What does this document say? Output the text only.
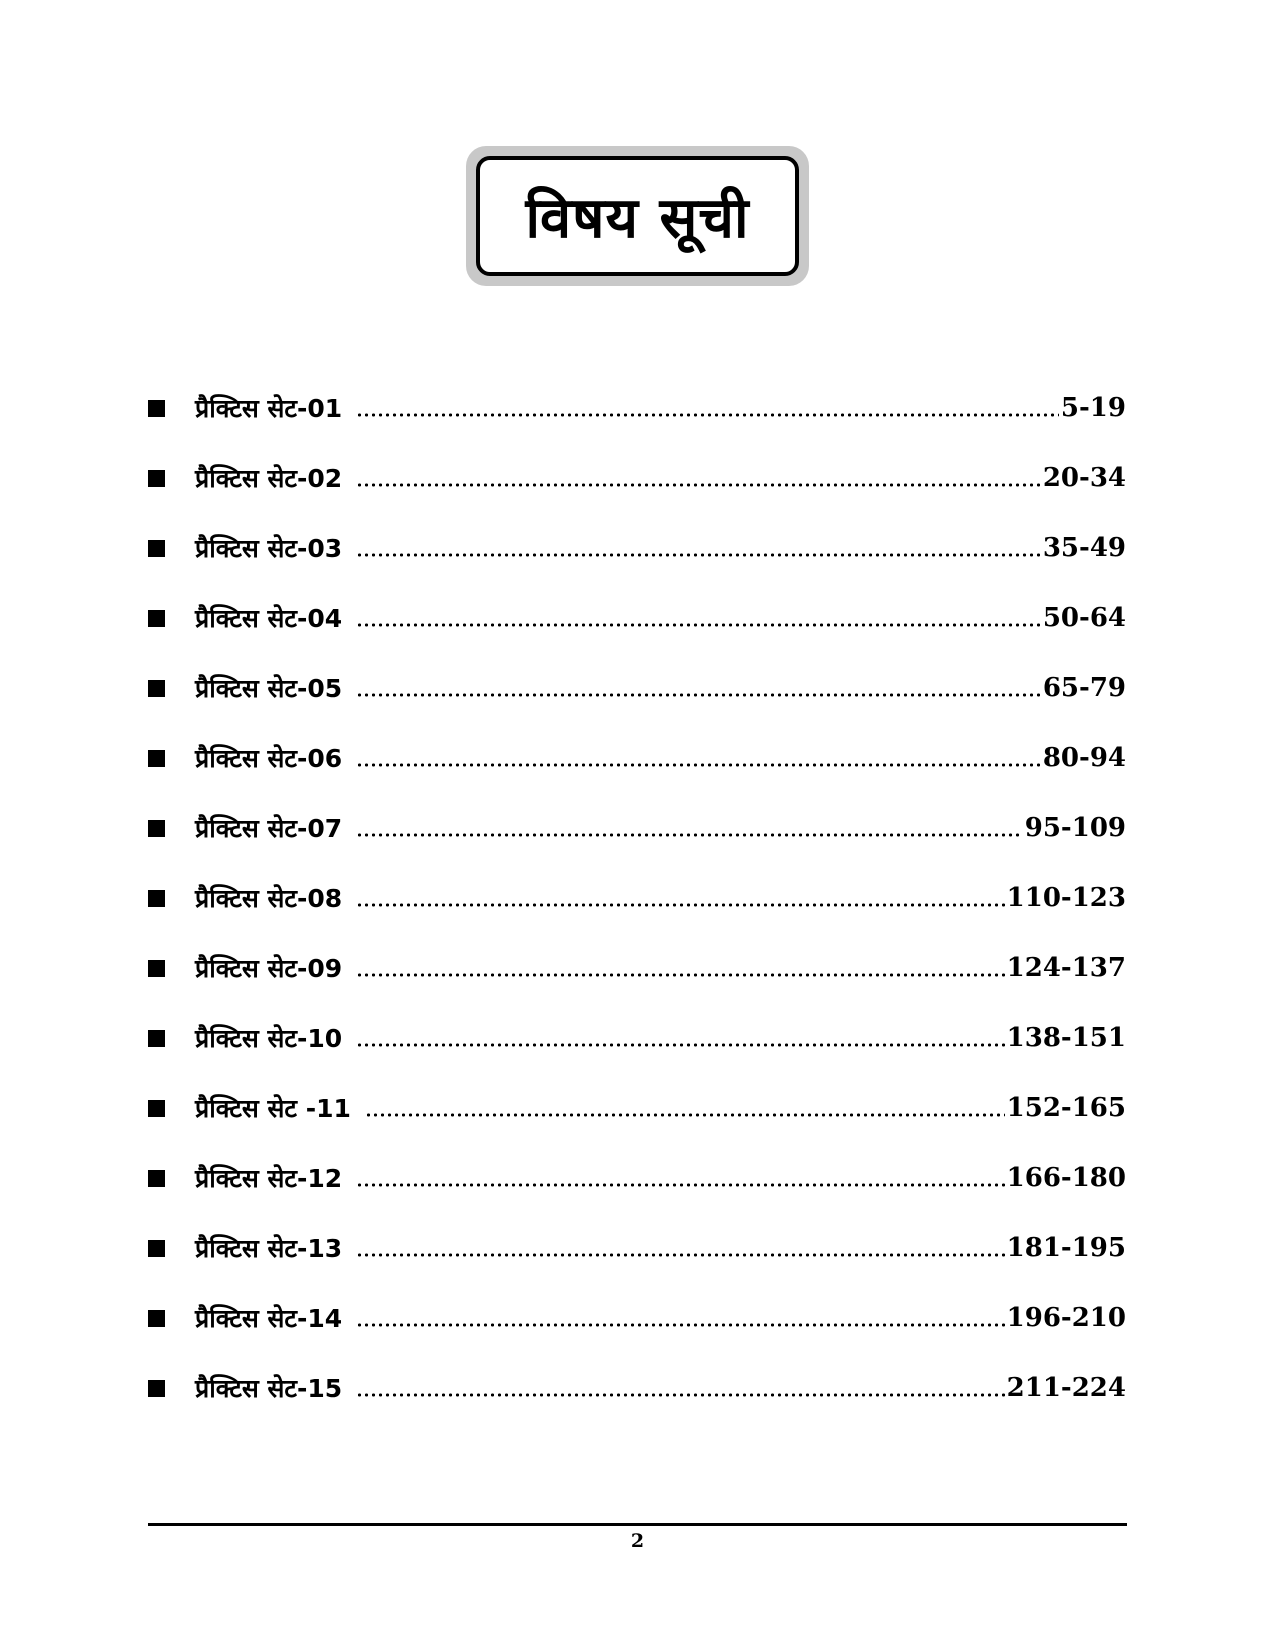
विषय सूची
प्रैक्टिस सेट-01	5-19
प्रैक्टिस सेट-02	20-34
प्रैक्टिस सेट-03	35-49
प्रैक्टिस सेट-04	50-64
प्रैक्टिस सेट-05	65-79
प्रैक्टिस सेट-06	80-94
प्रैक्टिस सेट-07	95-109
प्रैक्टिस सेट-08	110-123
प्रैक्टिस सेट-09	124-137
प्रैक्टिस सेट-10	138-151
प्रैक्टिस सेट -11	152-165
प्रैक्टिस सेट-12	166-180
प्रैक्टिस सेट-13	181-195
प्रैक्टिस सेट-14	196-210
प्रैक्टिस सेट-15	211-224
2
